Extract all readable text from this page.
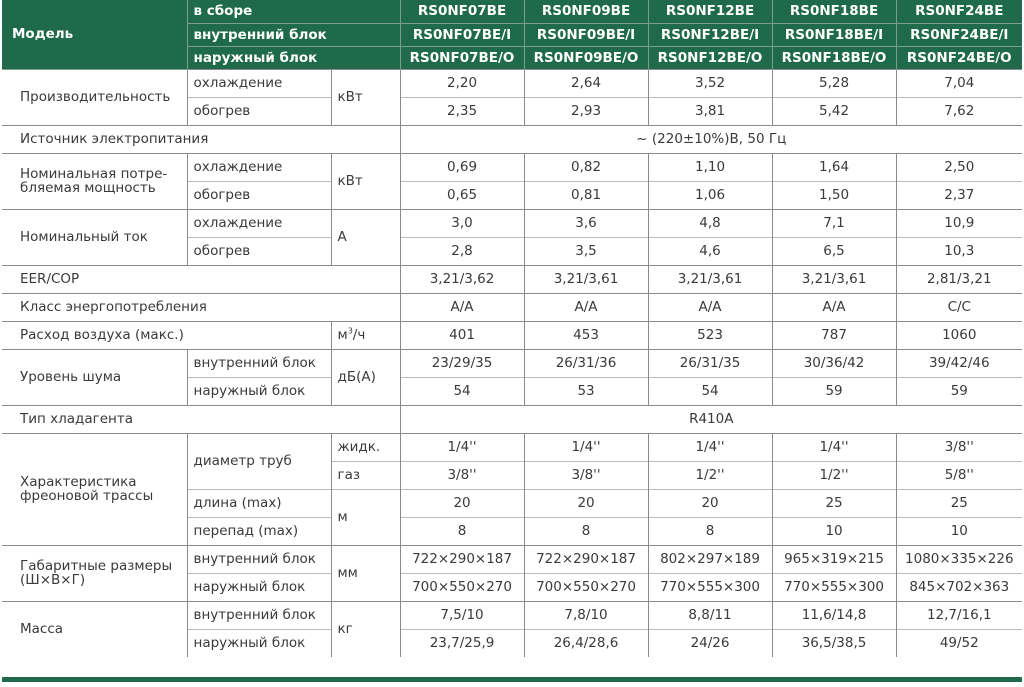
Модель	в сборе		RS0NF07BE	RS0NF09BE	RS0NF12BE	RS0NF18BE	RS0NF24BE
	внутренний блок		RS0NF07BE/I	RS0NF09BE/I	RS0NF12BE/I	RS0NF18BE/I	RS0NF24BE/I
	наружный блок		RS0NF07BE/O	RS0NF09BE/O	RS0NF12BE/O	RS0NF18BE/O	RS0NF24BE/O
Производительность	охлаждение	кВт	2,20	2,64	3,52	5,28	7,04
	обогрев		2,35	2,93	3,81	5,42	7,62
Источник электропитания			~ (220±10%)В, 50 Гц				
Номинальная потре-
бляемая мощность	охлаждение	кВт	0,69	0,82	1,10	1,64	2,50
	обогрев		0,65	0,81	1,06	1,50	2,37
Номинальный ток	охлаждение	А	3,0	3,6	4,8	7,1	10,9
	обогрев		2,8	3,5	4,6	6,5	10,3
EER/COP			3,21/3,62	3,21/3,61	3,21/3,61	3,21/3,61	2,81/3,21
Класс энергопотребления			A/A	A/A	A/A	A/A	C/C
Расход воздуха (макс.)		$м^3/ч$	401	453	523	787	1060
Уровень шума	внутренний блок	дБ(А)	23/29/35	26/31/36	26/31/35	30/36/42	39/42/46
	наружный блок		54	53	54	59	59
Тип хладагента			R410A				
Характеристика
фреоновой трассы	диаметр труб	жидк.	1/4''	1/4''	1/4''	1/4''	3/8''
		газ	3/8''	3/8''	1/2''	1/2''	5/8''
	длина (max)	м	20	20	20	25	25
	перепад (max)		8	8	8	10	10
Габаритные размеры
(Ш×В×Г)	внутренний блок	мм	722×290×187	722×290×187	802×297×189	965×319×215	1080×335×226
	наружный блок		700×550×270	700×550×270	770×555×300	770×555×300	845×702×363
Масса	внутренний блок	кг	7,5/10	7,8/10	8,8/11	11,6/14,8	12,7/16,1
	наружный блок		23,7/25,9	26,4/28,6	24/26	36,5/38,5	49/52
